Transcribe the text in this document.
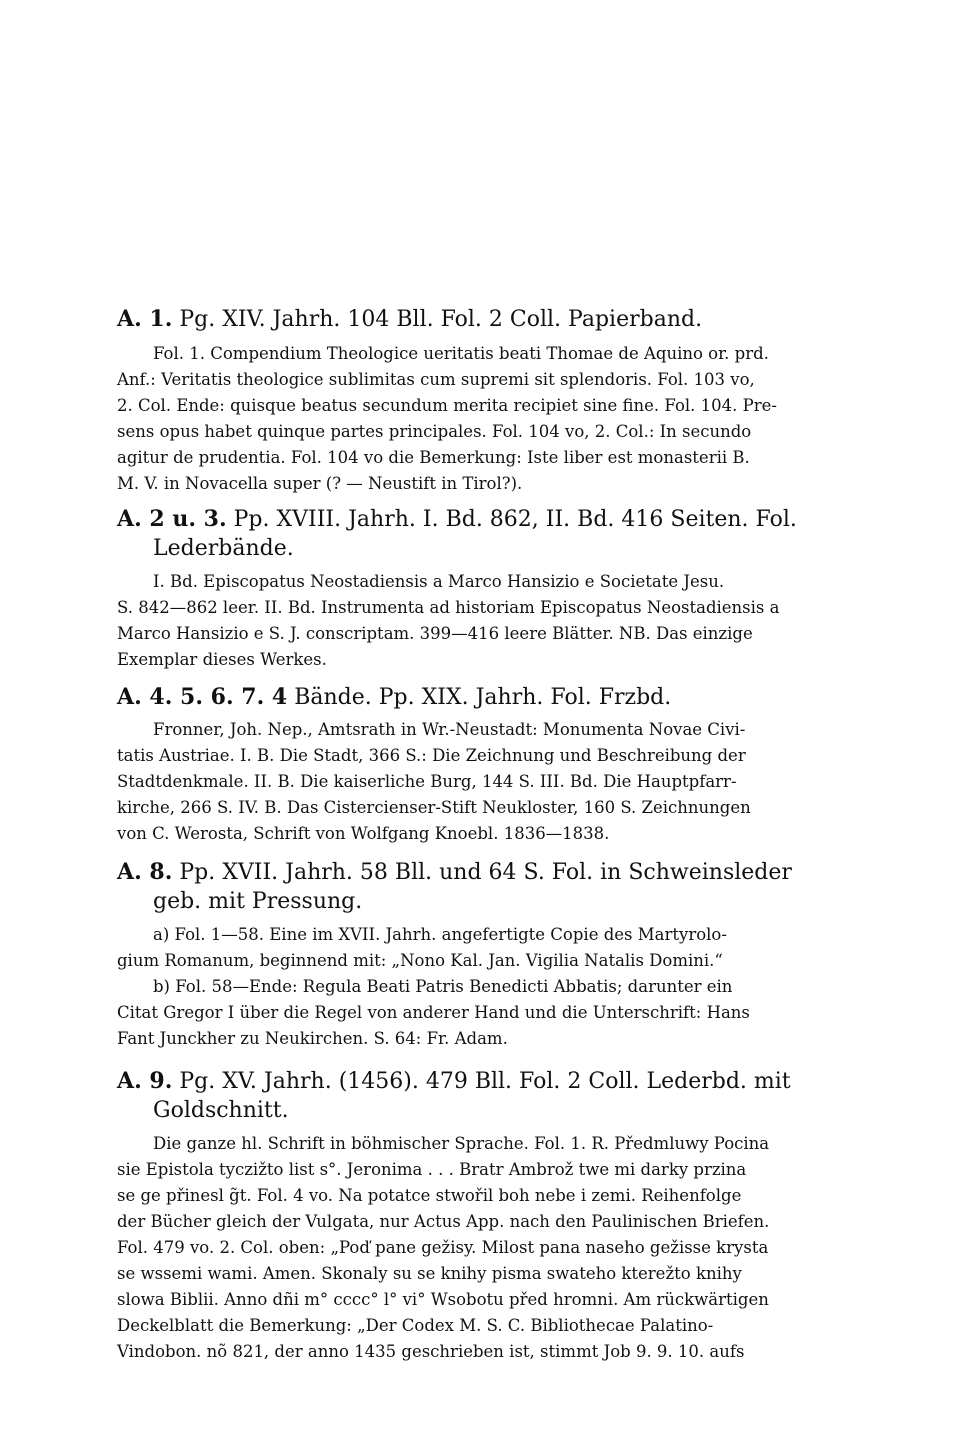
A. 1. Pg. XIV. Jahrh. 104 Bll. Fol. 2 Coll. Papierband.

Fol. 1. Compendium Theologice ueritatis beati Thomae de Aquino or. prd.
Anf.: Veritatis theologice sublimitas cum supremi sit splendoris. Fol. 103 vo,
2. Col. Ende: quisque beatus secundum merita recipiet sine fine. Fol. 104. Pre-
sens opus habet quinque partes principales. Fol. 104 vo, 2. Col.: In secundo
agitur de prudentia. Fol. 104 vo die Bemerkung: Iste liber est monasterii B.
M. V. in Novacella super (? — Neustift in Tirol?).

A. 2 u. 3. Pp. XVIII. Jahrh. I. Bd. 862, II. Bd. 416 Seiten. Fol.
Lederbände.

I. Bd. Episcopatus Neostadiensis a Marco Hansizio e Societate Jesu.
S. 842—862 leer. II. Bd. Instrumenta ad historiam Episcopatus Neostadiensis a
Marco Hansizio e S. J. conscriptam. 399—416 leere Blätter. NB. Das einzige
Exemplar dieses Werkes.

A. 4. 5. 6. 7. 4 Bände. Pp. XIX. Jahrh. Fol. Frzbd.

Fronner, Joh. Nep., Amtsrath in Wr.-Neustadt: Monumenta Novae Civi-
tatis Austriae. I. B. Die Stadt, 366 S.: Die Zeichnung und Beschreibung der
Stadtdenkmale. II. B. Die kaiserliche Burg, 144 S. III. Bd. Die Hauptpfarr-
kirche, 266 S. IV. B. Das Cistercienser-Stift Neukloster, 160 S. Zeichnungen
von C. Werosta, Schrift von Wolfgang Knoebl. 1836—1838.

A. 8. Pp. XVII. Jahrh. 58 Bll. und 64 S. Fol. in Schweinsleder
geb. mit Pressung.

a) Fol. 1—58. Eine im XVII. Jahrh. angefertigte Copie des Martyrolo-
gium Romanum, beginnend mit: „Nono Kal. Jan. Vigilia Natalis Domini.“
b) Fol. 58—Ende: Regula Beati Patris Benedicti Abbatis; darunter ein
Citat Gregor I über die Regel von anderer Hand und die Unterschrift: Hans
Fant Junckher zu Neukirchen. S. 64: Fr. Adam.

A. 9. Pg. XV. Jahrh. (1456). 479 Bll. Fol. 2 Coll. Lederbd. mit
Goldschnitt.

Die ganze hl. Schrift in böhmischer Sprache. Fol. 1. R. Předmluwy Pocina
sie Epistola tyczižto list s°. Jeronima . . . Bratr Ambrož twe mi darky przina
se ge přinesl g̃t. Fol. 4 vo. Na potatce stwořil boh nebe i zemi. Reihenfolge
der Bücher gleich der Vulgata, nur Actus App. nach den Paulinischen Briefen.
Fol. 479 vo. 2. Col. oben: „Poď pane gežisy. Milost pana naseho gežisse krysta
se wssemi wami. Amen. Skonaly su se knihy pisma swateho kterežto knihy
slowa Biblii. Anno dñi m° cccc° l° vi° Wsobotu před hromni. Am rückwärtigen
Deckelblatt die Bemerkung: „Der Codex M. S. C. Bibliothecae Palatino-
Vindobon. nõ 821, der anno 1435 geschrieben ist, stimmt Job 9. 9. 10. aufs
